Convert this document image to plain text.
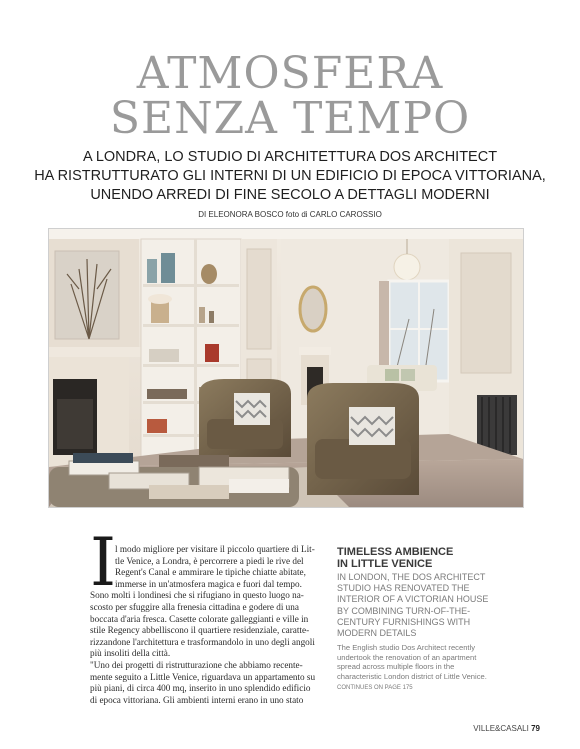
ATMOSFERA
SENZA TEMPO
A LONDRA, LO STUDIO DI ARCHITETTURA DOS ARCHITECT
HA RISTRUTTURATO GLI INTERNI DI UN EDIFICIO DI EPOCA VITTORIANA,
UNENDO ARREDI DI FINE SECOLO A DETTAGLI MODERNI
DI ELEONORA BOSCO foto di CARLO CAROSSIO
I
l modo migliore per visitare il piccolo quartiere di Lit-
tle Venice, a Londra, è percorrere a piedi le rive del
Regent's Canal e ammirare le tipiche chiatte abitate,
immerse in un'atmosfera magica e fuori dal tempo.
Sono molti i londinesi che si rifugiano in questo luogo na-
scosto per sfuggire alla frenesia cittadina e godere di una
boccata d'aria fresca. Casette colorate galleggianti e ville in
stile Regency abbelliscono il quartiere residenziale, caratte-
rizzandone l'architettura e trasformandolo in uno degli angoli
più insoliti della città.
"Uno dei progetti di ristrutturazione che abbiamo recente-
mente seguito a Little Venice, riguardava un appartamento su
più piani, di circa 400 mq, inserito in uno splendido edificio
di epoca vittoriana. Gli ambienti interni erano in uno stato
TIMELESS AMBIENCE
IN LITTLE VENICE
IN LONDON, THE DOS ARCHITECT STUDIO HAS RENOVATED THE INTERIOR OF A VICTORIAN HOUSE BY COMBINING TURN-OF-THE-CENTURY FURNISHINGS WITH MODERN DETAILS
The English studio Dos Architect recently undertook the renovation of an apartment spread across multiple floors in the characteristic London district of Little Venice. CONTINUES ON PAGE 175
VILLE&CASALI 79
